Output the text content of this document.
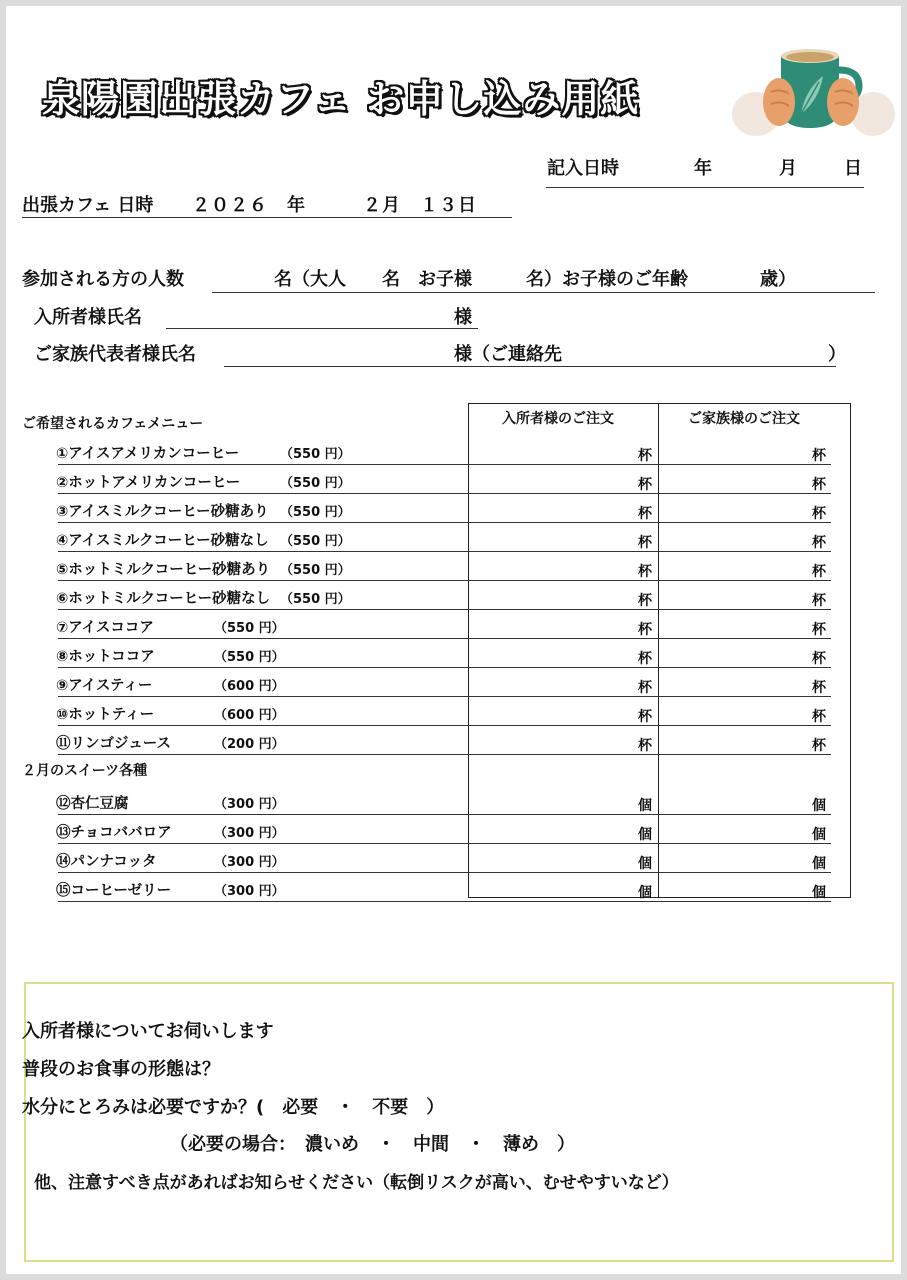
泉陽園出張カフェ お申し込み用紙
記入日時	年	月	日
出張カフェ 日時 ２０２６　年　　　２月　１３日
参加される方の人数	名（大人　　名　お子様　　　名）お子様のご年齢　　　　歳）
入所者様氏名	様
ご家族代表者様氏名	様（ご連絡先	）
ご希望されるカフェメニュー	入所者様のご注文	ご家族様のご注文
①アイスアメリカンコーヒー	（550 円）	杯	杯
②ホットアメリカンコーヒー	（550 円）	杯	杯
③アイスミルクコーヒー砂糖あり （550 円）	杯	杯
④アイスミルクコーヒー砂糖なし （550 円）	杯	杯
⑤ホットミルクコーヒー砂糖あり （550 円）	杯	杯
⑥ホットミルクコーヒー砂糖なし （550 円）	杯	杯
⑦アイスココア	（550 円）	杯	杯
⑧ホットココア	（550 円）	杯	杯
⑨アイスティー	（600 円）	杯	杯
⑩ホットティー	（600 円）	杯	杯
⑪リンゴジュース	（200 円）	杯	杯
⑫杏仁豆腐	（300 円）	個	個
⑬チョコババロア	（300 円）	個	個
⑭パンナコッタ	（300 円）	個	個
⑮コーヒーゼリー	（300 円）	個	個
２月のスイーツ各種
入所者様についてお伺いします
普段のお食事の形態は？
水分にとろみは必要ですか？(　必要　・　不要　）
（必要の場合：　濃いめ　・　中間　・　薄め　）
他、注意すべき点があればお知らせください（転倒リスクが高い、むせやすいなど）
